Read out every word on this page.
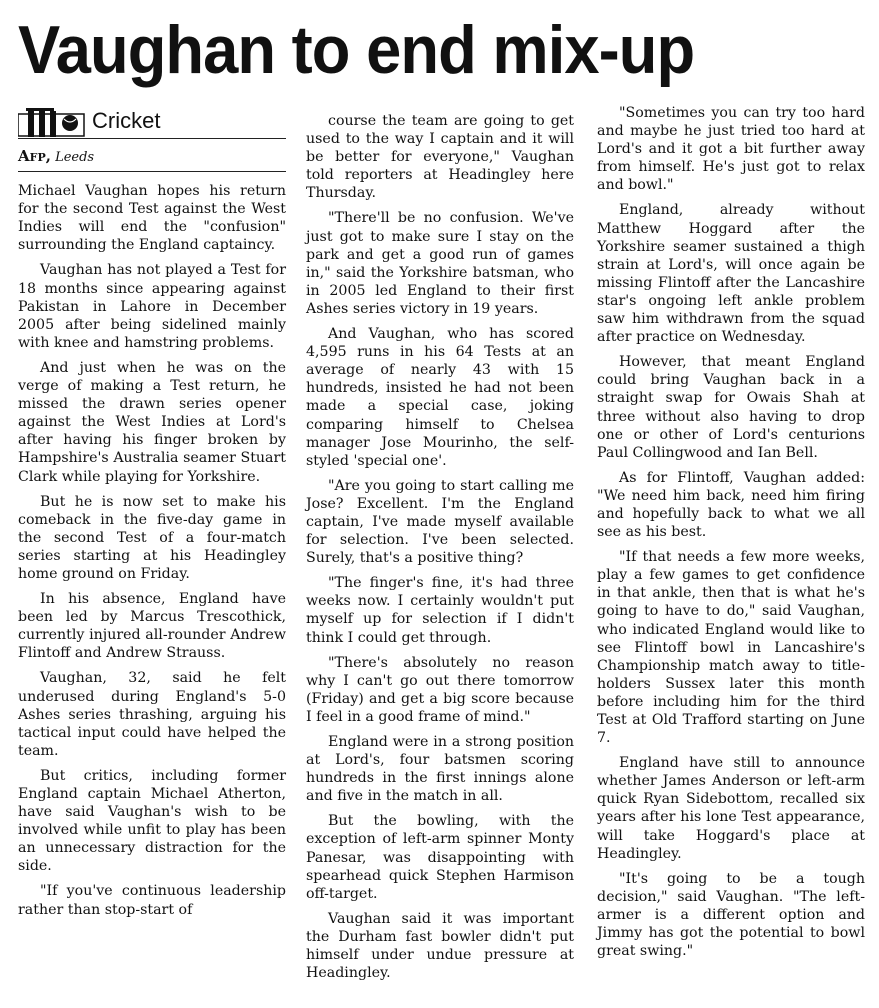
Vaughan to end mix-up
Cricket
Afp, Leeds

Michael Vaughan hopes his return for the second Test against the West Indies will end the "confusion" surrounding the England captaincy.

Vaughan has not played a Test for 18 months since appearing against Pakistan in Lahore in December 2005 after being sidelined mainly with knee and hamstring problems.

And just when he was on the verge of making a Test return, he missed the drawn series opener against the West Indies at Lord's after having his finger broken by Hampshire's Australia seamer Stuart Clark while playing for Yorkshire.

But he is now set to make his comeback in the five-day game in the second Test of a four-match series starting at his Headingley home ground on Friday.

In his absence, England have been led by Marcus Trescothick, currently injured all-rounder Andrew Flintoff and Andrew Strauss.

Vaughan, 32, said he felt underused during England's 5-0 Ashes series thrashing, arguing his tactical input could have helped the team.

But critics, including former England captain Michael Atherton, have said Vaughan's wish to be involved while unfit to play has been an unnecessary distraction for the side.

"If you've continuous leadership rather than stop-start of

course the team are going to get used to the way I captain and it will be better for everyone," Vaughan told reporters at Headingley here Thursday.

"There'll be no confusion. We've just got to make sure I stay on the park and get a good run of games in," said the Yorkshire batsman, who in 2005 led England to their first Ashes series victory in 19 years.

And Vaughan, who has scored 4,595 runs in his 64 Tests at an average of nearly 43 with 15 hundreds, insisted he had not been made a special case, joking comparing himself to Chelsea manager Jose Mourinho, the self-styled 'special one'.

"Are you going to start calling me Jose? Excellent. I'm the England captain, I've made myself available for selection. I've been selected. Surely, that's a positive thing?

"The finger's fine, it's had three weeks now. I certainly wouldn't put myself up for selection if I didn't think I could get through.

"There's absolutely no reason why I can't go out there tomorrow (Friday) and get a big score because I feel in a good frame of mind."

England were in a strong position at Lord's, four batsmen scoring hundreds in the first innings alone and five in the match in all.

But the bowling, with the exception of left-arm spinner Monty Panesar, was disappointing with spearhead quick Stephen Harmison off-target.

Vaughan said it was important the Durham fast bowler didn't put himself under undue pressure at Headingley.

"Sometimes you can try too hard and maybe he just tried too hard at Lord's and it got a bit further away from himself. He's just got to relax and bowl."

England, already without Matthew Hoggard after the Yorkshire seamer sustained a thigh strain at Lord's, will once again be missing Flintoff after the Lancashire star's ongoing left ankle problem saw him withdrawn from the squad after practice on Wednesday.

However, that meant England could bring Vaughan back in a straight swap for Owais Shah at three without also having to drop one or other of Lord's centurions Paul Collingwood and Ian Bell.

As for Flintoff, Vaughan added: "We need him back, need him firing and hopefully back to what we all see as his best.

"If that needs a few more weeks, play a few games to get confidence in that ankle, then that is what he's going to have to do," said Vaughan, who indicated England would like to see Flintoff bowl in Lancashire's Championship match away to title-holders Sussex later this month before including him for the third Test at Old Trafford starting on June 7.

England have still to announce whether James Anderson or left-arm quick Ryan Sidebottom, recalled six years after his lone Test appearance, will take Hoggard's place at Headingley.

"It's going to be a tough decision," said Vaughan. "The left-armer is a different option and Jimmy has got the potential to bowl great swing."
